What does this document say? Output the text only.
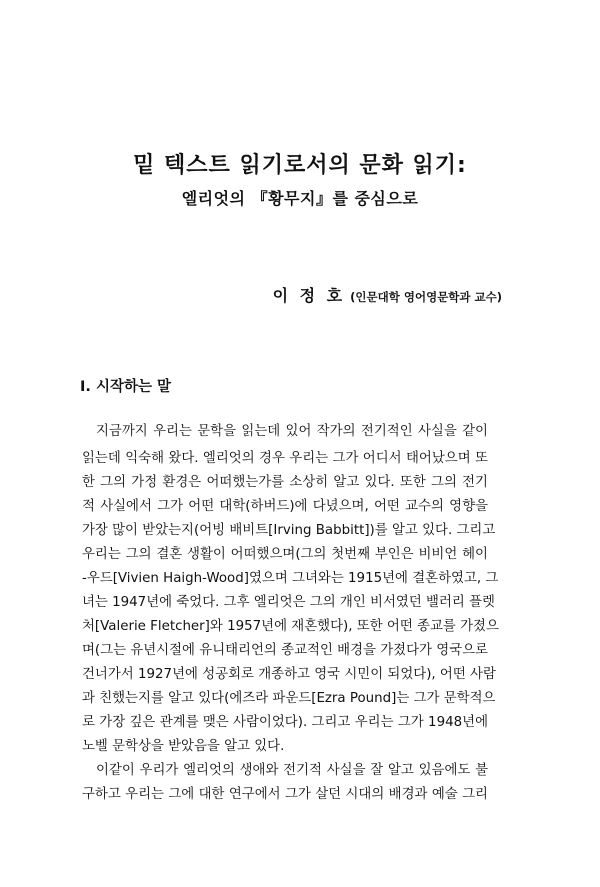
밑 텍스트 읽기로서의 문화 읽기:
엘리엇의 『황무지』를 중심으로
이 정 호 (인문대학 영어영문학과 교수)
I. 시작하는 말
지금까지 우리는 문학을 읽는데 있어 작가의 전기적인 사실을 같이
읽는데 익숙해 왔다. 엘리엇의 경우 우리는 그가 어디서 태어났으며 또
한 그의 가정 환경은 어떠했는가를 소상히 알고 있다. 또한 그의 전기
적 사실에서 그가 어떤 대학(하버드)에 다녔으며, 어떤 교수의 영향을
가장 많이 받았는지(어빙 배비트[Irving Babbitt])를 알고 있다. 그리고
우리는 그의 결혼 생활이 어떠했으며(그의 첫번째 부인은 비비언 헤이
-우드[Vivien Haigh-Wood]였으며 그녀와는 1915년에 결혼하였고, 그
녀는 1947년에 죽었다. 그후 엘리엇은 그의 개인 비서였던 밸러리 플렛
처[Valerie Fletcher]와 1957년에 재혼했다), 또한 어떤 종교를 가졌으
며(그는 유년시절에 유니태리언의 종교적인 배경을 가졌다가 영국으로
건너가서 1927년에 성공회로 개종하고 영국 시민이 되었다), 어떤 사람
과 친했는지를 알고 있다(에즈라 파운드[Ezra Pound]는 그가 문학적으
로 가장 깊은 관계를 맺은 사람이었다). 그리고 우리는 그가 1948년에
노벨 문학상을 받았음을 알고 있다.
이같이 우리가 엘리엇의 생애와 전기적 사실을 잘 알고 있음에도 불
구하고 우리는 그에 대한 연구에서 그가 살던 시대의 배경과 예술 그리
